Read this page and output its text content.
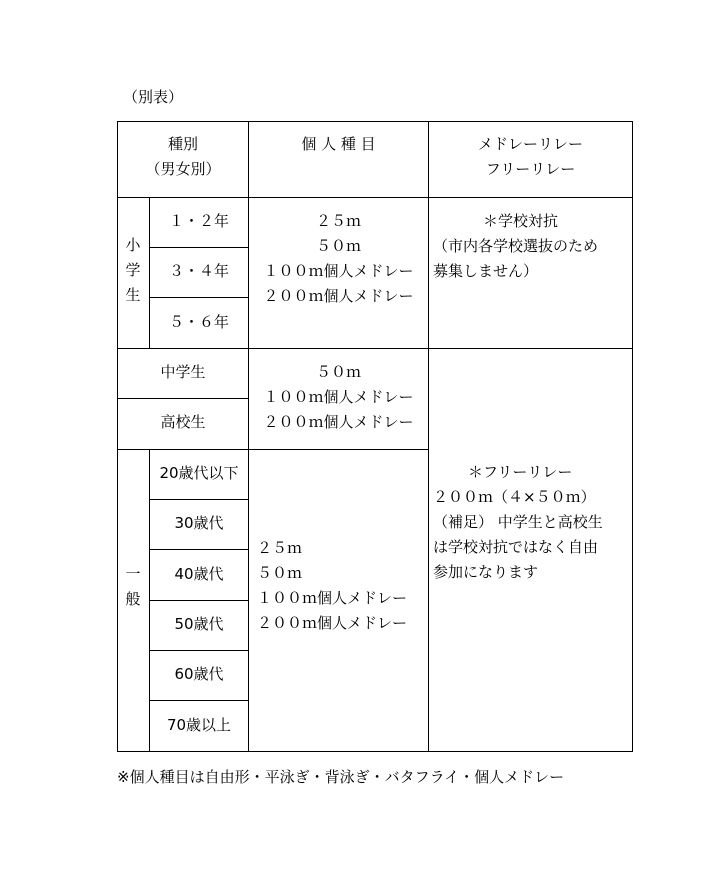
（別表）
種別
（男女別）
個 人 種 目	メドレーリレー
フリーリレー
小
学
生
１・２年
３・４年
５・６年
２５ｍ
５０ｍ
１００ｍ個人メドレー
２００ｍ個人メドレー
＊学校対抗
（市内各学校選抜のため
募集しません）
中学生
高校生
５０ｍ
１００ｍ個人メドレー
２００ｍ個人メドレー
一
般
20歳代以下
30歳代
40歳代
50歳代
60歳代
70歳以上
２５ｍ
５０ｍ
１００ｍ個人メドレー
２００ｍ個人メドレー
＊フリーリレー
２００ｍ（４×５０ｍ）
（補足） 中学生と高校生
は学校対抗ではなく自由
参加になります
※個人種目は自由形・平泳ぎ・背泳ぎ・バタフライ・個人メドレー
